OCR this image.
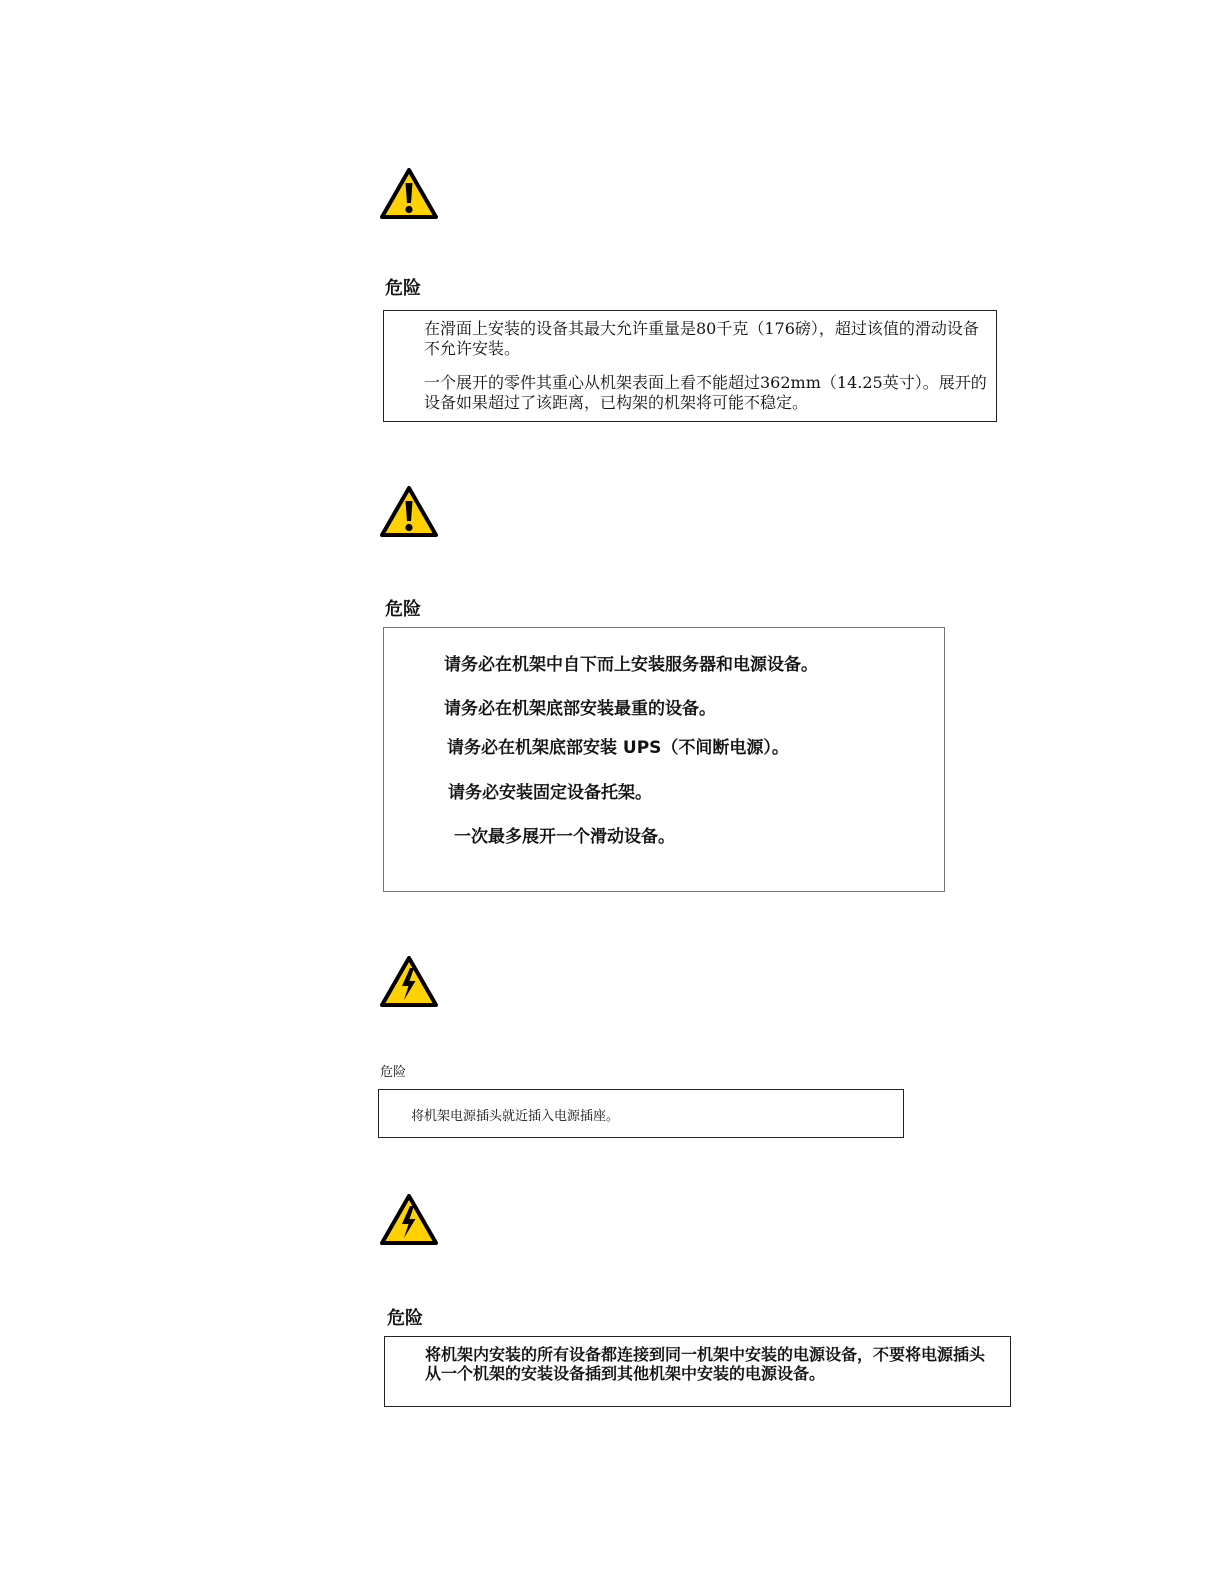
危险
在滑面上安装的设备其最大允许重量是80千克（176磅），超过该值的滑动设备不允许安装。
一个展开的零件其重心从机架表面上看不能超过362mm（14.25英寸）。展开的设备如果超过了该距离，已构架的机架将可能不稳定。
危险
请务必在机架中自下而上安装服务器和电源设备。
请务必在机架底部安装最重的设备。
请务必在机架底部安装 UPS（不间断电源）。
请务必安装固定设备托架。
一次最多展开一个滑动设备。
危险
将机架电源插头就近插入电源插座。
危险
将机架内安装的所有设备都连接到同一机架中安装的电源设备，不要将电源插头从一个机架的安装设备插到其他机架中安装的电源设备。
